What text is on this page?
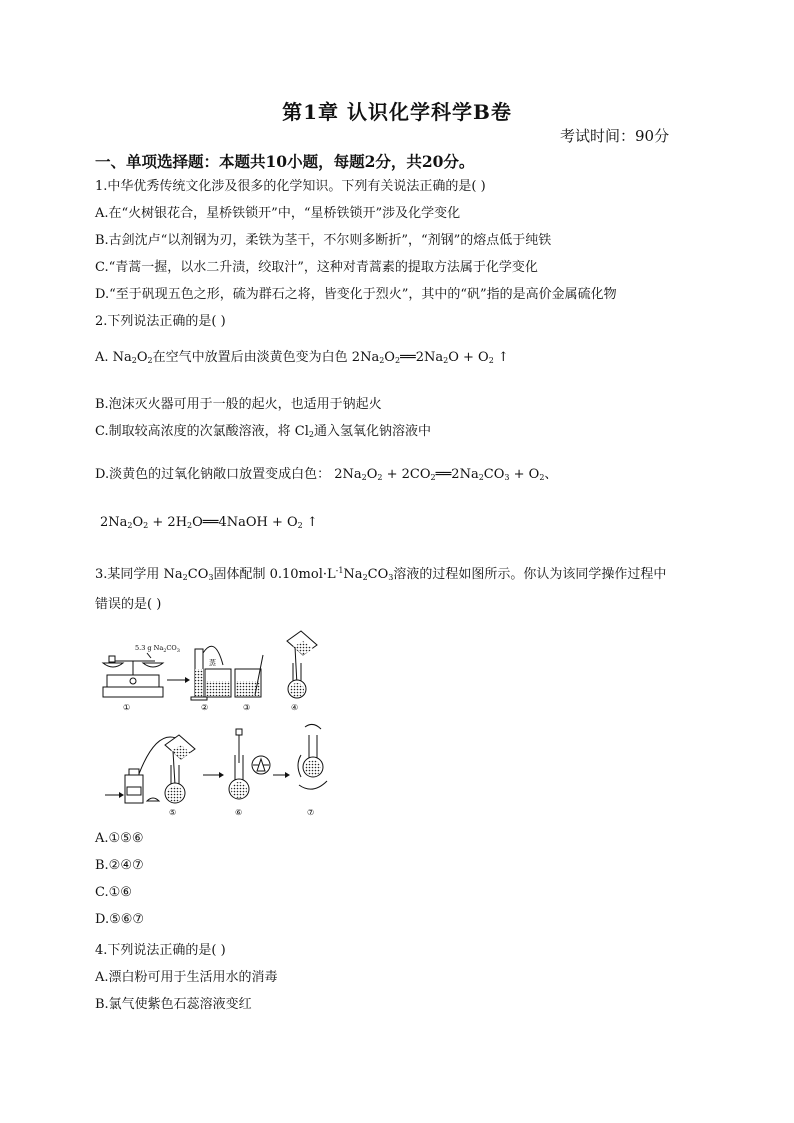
第1章 认识化学科学B卷
考试时间：90分
一、单项选择题：本题共10小题，每题2分，共20分。
1.中华优秀传统文化涉及很多的化学知识。下列有关说法正确的是( )
A.在“火树银花合，星桥铁锁开”中，“星桥铁锁开”涉及化学变化
B.古剑沈卢“以剂钢为刃，柔铁为茎干，不尔则多断折”，“剂钢”的熔点低于纯铁
C.“青蒿一握，以水二升渍，绞取汁”，这种对青蒿素的提取方法属于化学变化
D.“至于矾现五色之形，硫为群石之将，皆变化于烈火”，其中的“矾”指的是高价金属硫化物
2.下列说法正确的是( )
A. $Na_2O_2$在空气中放置后由淡黄色变为白色 $2Na_2O_2══2Na_2O + O_2$ ↑
B.泡沫灭火器可用于一般的起火，也适用于钠起火
C.制取较高浓度的次氯酸溶液，将 $Cl_2$通入氢氧化钠溶液中
D.淡黄色的过氧化钠敞口放置变成白色： $2Na_2O_2$ + $2CO_2══2Na_2CO_3 + O_2$、
$2Na_2O_2$ + $2H_2O══4NaOH + O_2$ ↑
3.某同学用 $Na_2CO_3$固体配制 $0.10mol\cdot L^{-1}Na_2CO_3$溶液的过程如图所示。你认为该同学操作过程中
错误的是( )
5.3 g $Na_2CO_3$
①
蒸
②	③	④
⑤	⑥	⑦
A.①⑤⑥
B.②④⑦
C.①⑥
D.⑤⑥⑦
4.下列说法正确的是( )
A.漂白粉可用于生活用水的消毒
B.氯气使紫色石蕊溶液变红
